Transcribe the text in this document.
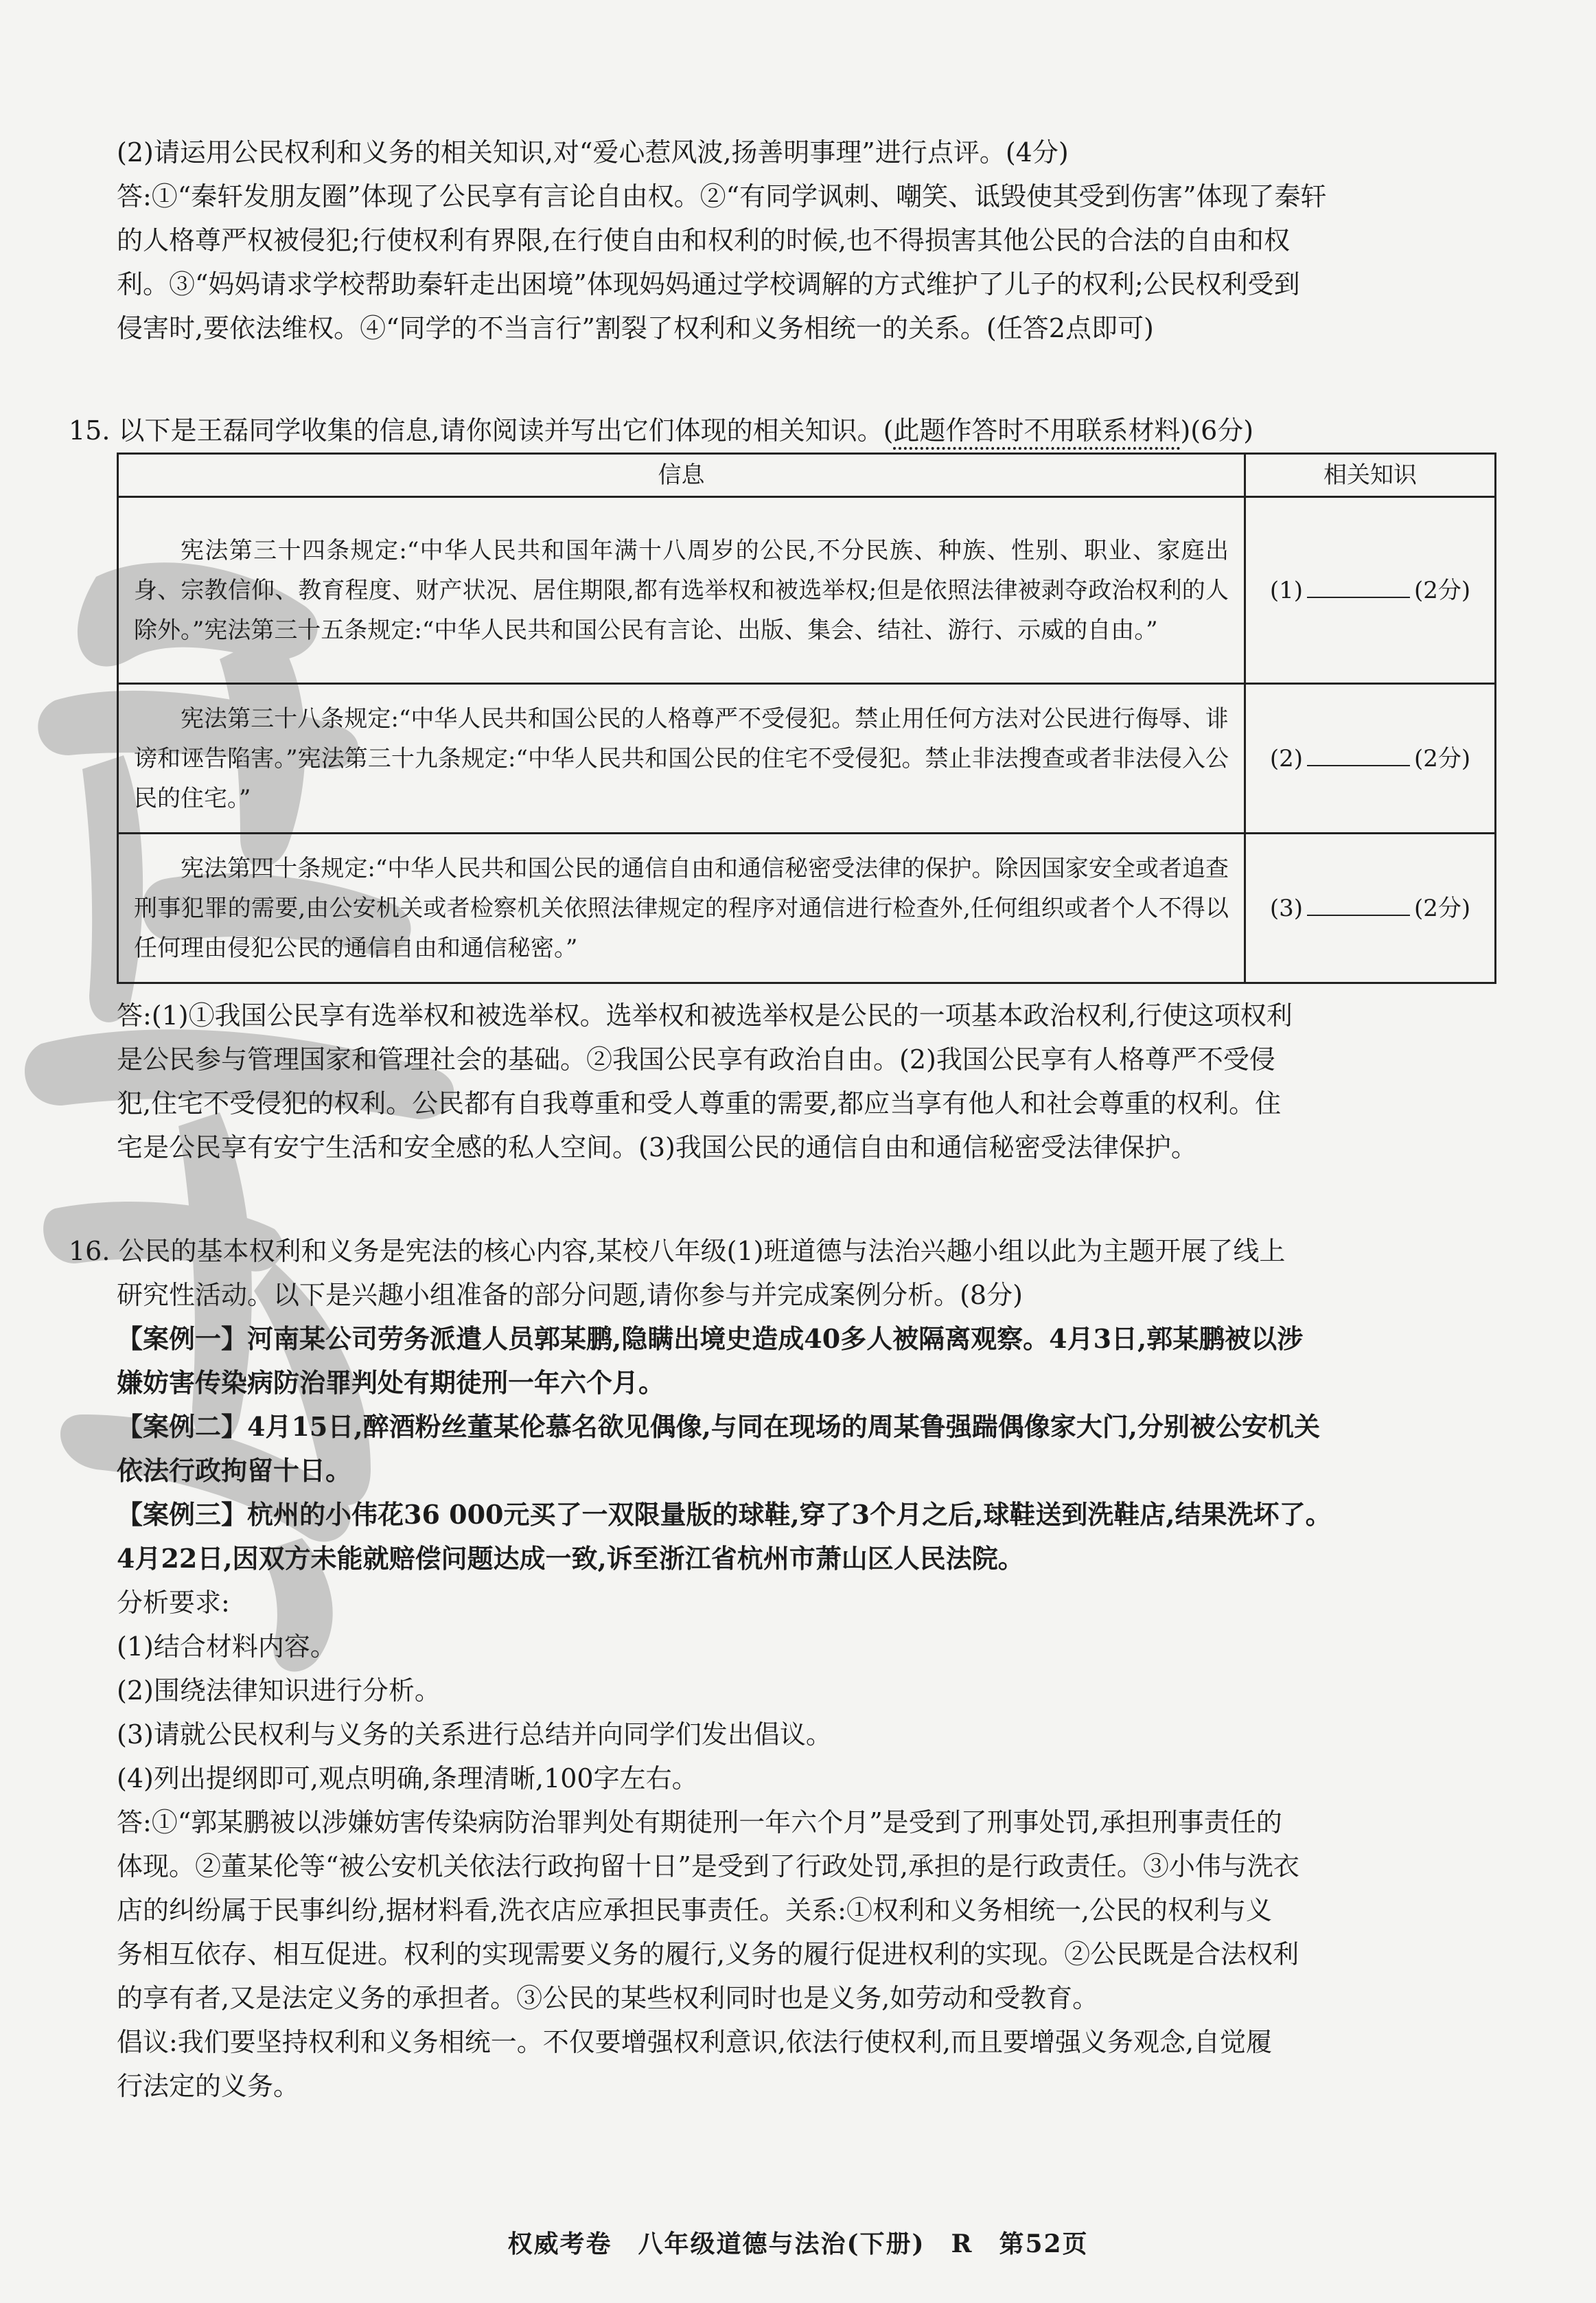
(2)请运用公民权利和义务的相关知识,对“爱心惹风波,扬善明事理”进行点评。(4分)

答:①“秦轩发朋友圈”体现了公民享有言论自由权。②“有同学讽刺、嘲笑、诋毁使其受到伤害”体现了秦轩

的人格尊严权被侵犯;行使权利有界限,在行使自由和权利的时候,也不得损害其他公民的合法的自由和权

利。③“妈妈请求学校帮助秦轩走出困境”体现妈妈通过学校调解的方式维护了儿子的权利;公民权利受到

侵害时,要依法维权。④“同学的不当言行”割裂了权利和义务相统一的关系。(任答2点即可)

15. 以下是王磊同学收集的信息,请你阅读并写出它们体现的相关知识。(此题作答时不用联系材料)(6分)

信息	相关知识
宪法第三十四条规定:“中华人民共和国年满十八周岁的公民,不分民族、种族、性别、职业、家庭出身、宗教信仰、教育程度、财产状况、居住期限,都有选举权和被选举权;但是依照法律被剥夺政治权利的人除外。”宪法第三十五条规定:“中华人民共和国公民有言论、出版、集会、结社、游行、示威的自由。”	(1) (2分)
宪法第三十八条规定:“中华人民共和国公民的人格尊严不受侵犯。禁止用任何方法对公民进行侮辱、诽谤和诬告陷害。”宪法第三十九条规定:“中华人民共和国公民的住宅不受侵犯。禁止非法搜查或者非法侵入公民的住宅。”	(2) (2分)
宪法第四十条规定:“中华人民共和国公民的通信自由和通信秘密受法律的保护。除因国家安全或者追查刑事犯罪的需要,由公安机关或者检察机关依照法律规定的程序对通信进行检查外,任何组织或者个人不得以任何理由侵犯公民的通信自由和通信秘密。”	(3) (2分)

答:(1)①我国公民享有选举权和被选举权。选举权和被选举权是公民的一项基本政治权利,行使这项权利

是公民参与管理国家和管理社会的基础。②我国公民享有政治自由。(2)我国公民享有人格尊严不受侵

犯,住宅不受侵犯的权利。公民都有自我尊重和受人尊重的需要,都应当享有他人和社会尊重的权利。住

宅是公民享有安宁生活和安全感的私人空间。(3)我国公民的通信自由和通信秘密受法律保护。

16. 公民的基本权利和义务是宪法的核心内容,某校八年级(1)班道德与法治兴趣小组以此为主题开展了线上

研究性活动。以下是兴趣小组准备的部分问题,请你参与并完成案例分析。(8分)

【案例一】河南某公司劳务派遣人员郭某鹏,隐瞒出境史造成40多人被隔离观察。4月3日,郭某鹏被以涉

嫌妨害传染病防治罪判处有期徒刑一年六个月。

【案例二】4月15日,醉酒粉丝董某伦慕名欲见偶像,与同在现场的周某鲁强踹偶像家大门,分别被公安机关

依法行政拘留十日。

【案例三】杭州的小伟花36 000元买了一双限量版的球鞋,穿了3个月之后,球鞋送到洗鞋店,结果洗坏了。

4月22日,因双方未能就赔偿问题达成一致,诉至浙江省杭州市萧山区人民法院。

分析要求:

(1)结合材料内容。

(2)围绕法律知识进行分析。

(3)请就公民权利与义务的关系进行总结并向同学们发出倡议。

(4)列出提纲即可,观点明确,条理清晰,100字左右。

答:①“郭某鹏被以涉嫌妨害传染病防治罪判处有期徒刑一年六个月”是受到了刑事处罚,承担刑事责任的

体现。②董某伦等“被公安机关依法行政拘留十日”是受到了行政处罚,承担的是行政责任。③小伟与洗衣

店的纠纷属于民事纠纷,据材料看,洗衣店应承担民事责任。关系:①权利和义务相统一,公民的权利与义

务相互依存、相互促进。权利的实现需要义务的履行,义务的履行促进权利的实现。②公民既是合法权利

的享有者,又是法定义务的承担者。③公民的某些权利同时也是义务,如劳动和受教育。

倡议:我们要坚持权利和义务相统一。不仅要增强权利意识,依法行使权利,而且要增强义务观念,自觉履

行法定的义务。

权威考卷　八年级道德与法治(下册)　R　第52页
